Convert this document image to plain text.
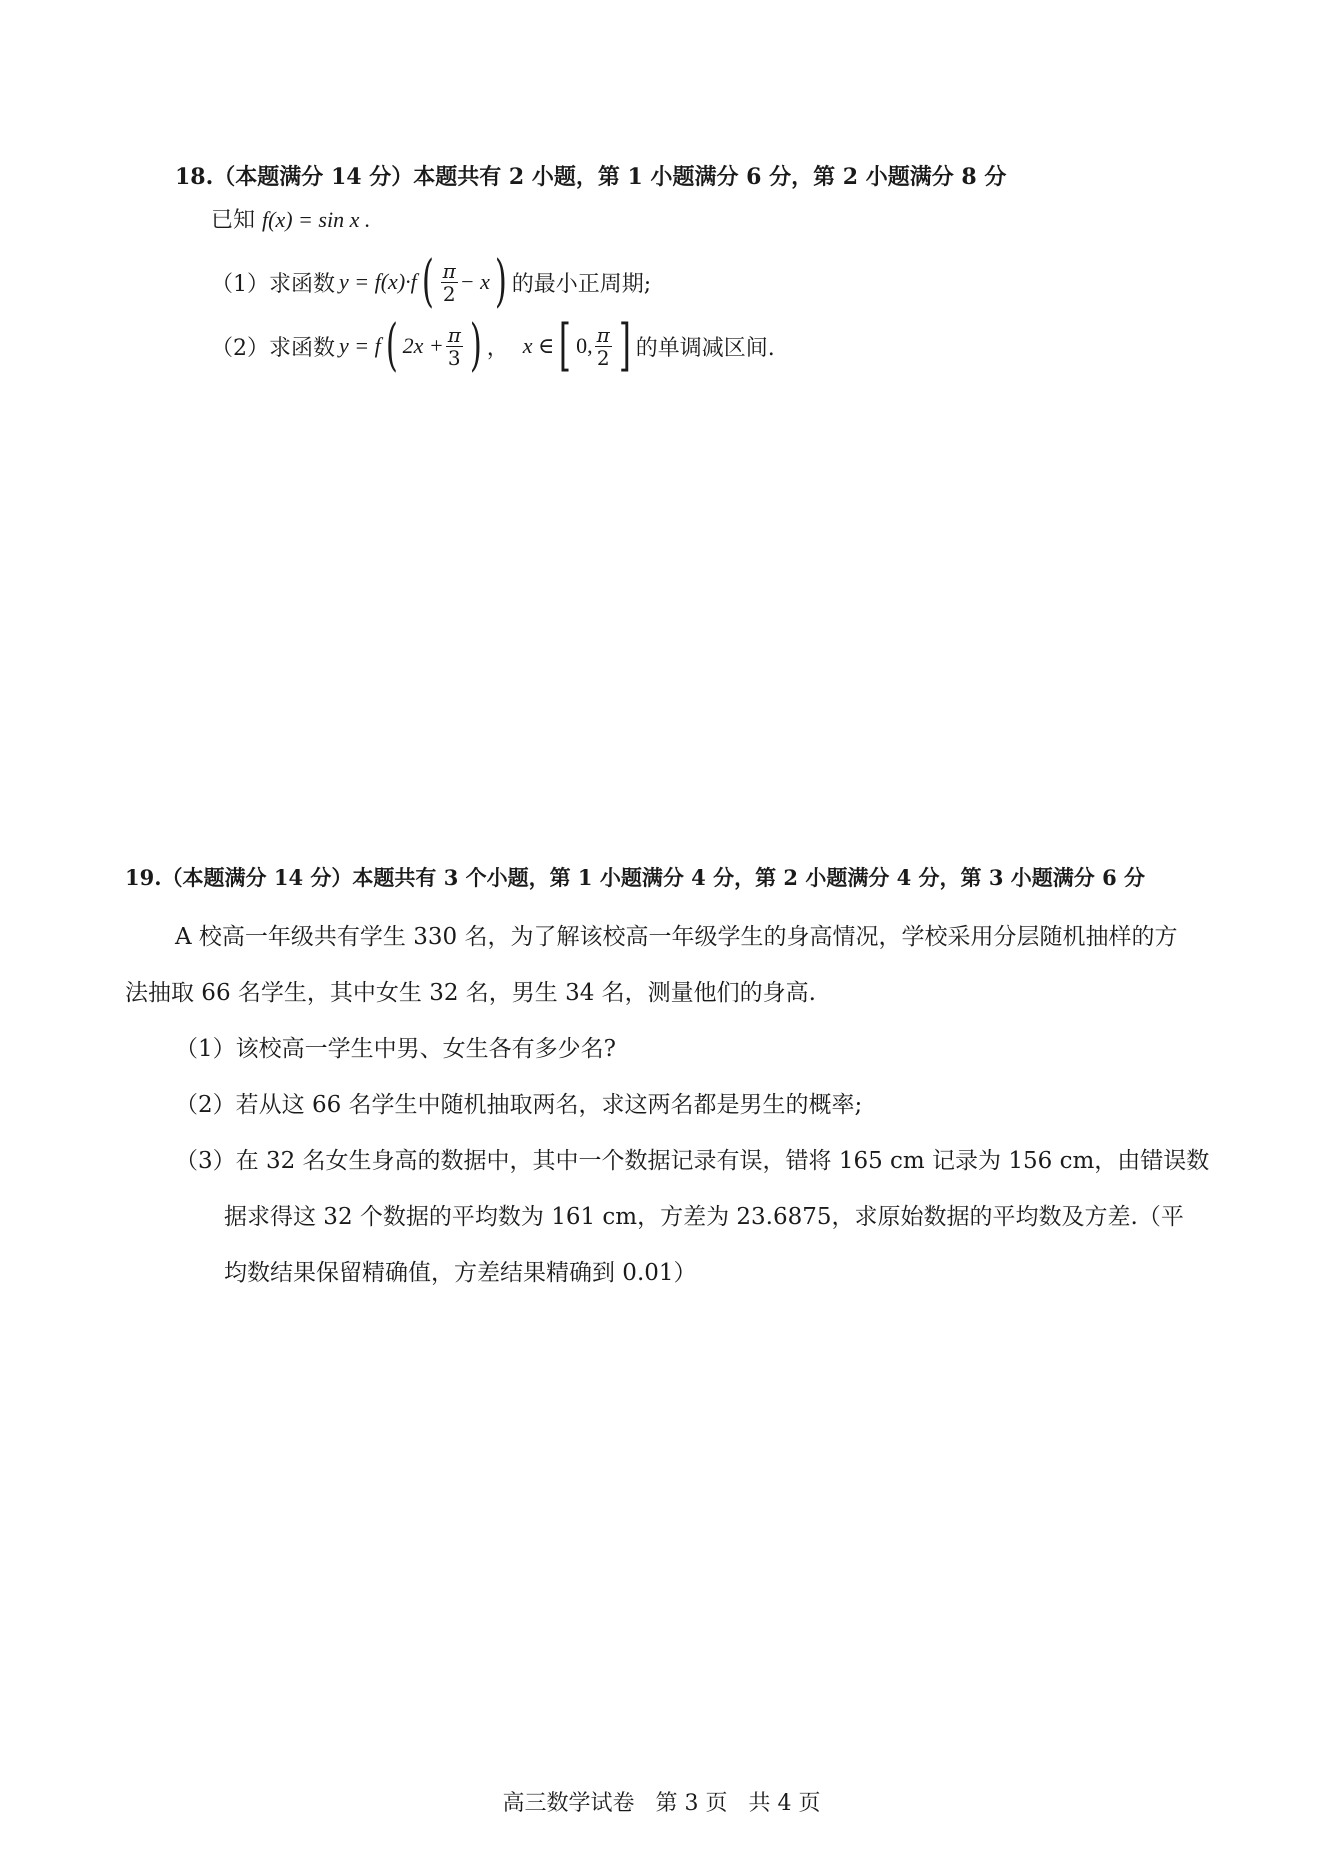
18.（本题满分 14 分）本题共有 2 小题，第 1 小题满分 6 分，第 2 小题满分 8 分
已知 f(x) = sin x .
（1）求函数 y = f(x)·f ( $\frac{\pi}{2} - x$ ) 的最小正周期;
（2）求函数 y = f ( $2x + \frac{\pi}{3}$ ) ， x ∈ [ 0, $\frac{\pi}{2}$ ] 的单调减区间.
19.（本题满分 14 分）本题共有 3 个小题，第 1 小题满分 4 分，第 2 小题满分 4 分，第 3 小题满分 6 分
A 校高一年级共有学生 330 名，为了解该校高一年级学生的身高情况，学校采用分层随机抽样的方
法抽取 66 名学生，其中女生 32 名，男生 34 名，测量他们的身高.
（1）该校高一学生中男、女生各有多少名?
（2）若从这 66 名学生中随机抽取两名，求这两名都是男生的概率;
（3）在 32 名女生身高的数据中，其中一个数据记录有误，错将 165 cm 记录为 156 cm，由错误数
据求得这 32 个数据的平均数为 161 cm，方差为 23.6875，求原始数据的平均数及方差.（平
均数结果保留精确值，方差结果精确到 0.01）
高三数学试卷   第 3 页   共 4 页
